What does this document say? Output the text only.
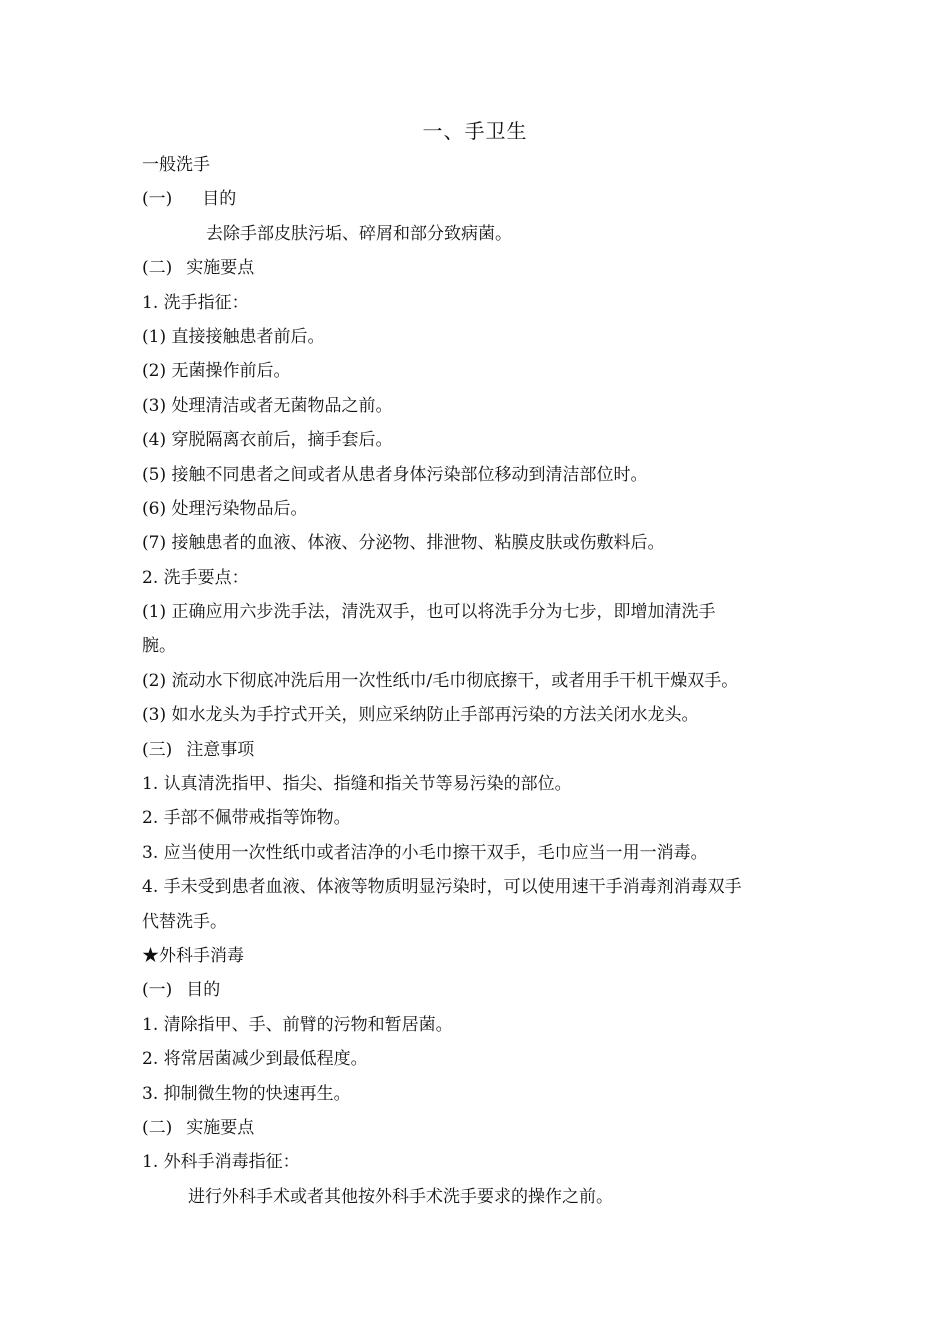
一、手卫生
一般洗手
(一) 目的
去除手部皮肤污垢、碎屑和部分致病菌。
(二) 实施要点
1. 洗手指征：
(1) 直接接触患者前后。
(2) 无菌操作前后。
(3) 处理清洁或者无菌物品之前。
(4) 穿脱隔离衣前后，摘手套后。
(5) 接触不同患者之间或者从患者身体污染部位移动到清洁部位时。
(6) 处理污染物品后。
(7) 接触患者的血液、体液、分泌物、排泄物、粘膜皮肤或伤敷料后。
2. 洗手要点：
(1) 正确应用六步洗手法，清洗双手，也可以将洗手分为七步，即增加清洗手
腕。
(2) 流动水下彻底冲洗后用一次性纸巾/毛巾彻底擦干，或者用手干机干燥双手。
(3) 如水龙头为手拧式开关，则应采纳防止手部再污染的方法关闭水龙头。
(三) 注意事项
1. 认真清洗指甲、指尖、指缝和指关节等易污染的部位。
2. 手部不佩带戒指等饰物。
3. 应当使用一次性纸巾或者洁净的小毛巾擦干双手，毛巾应当一用一消毒。
4. 手未受到患者血液、体液等物质明显污染时，可以使用速干手消毒剂消毒双手
代替洗手。
★外科手消毒
(一) 目的
1. 清除指甲、手、前臂的污物和暂居菌。
2. 将常居菌减少到最低程度。
3. 抑制微生物的快速再生。
(二) 实施要点
1. 外科手消毒指征：
进行外科手术或者其他按外科手术洗手要求的操作之前。
